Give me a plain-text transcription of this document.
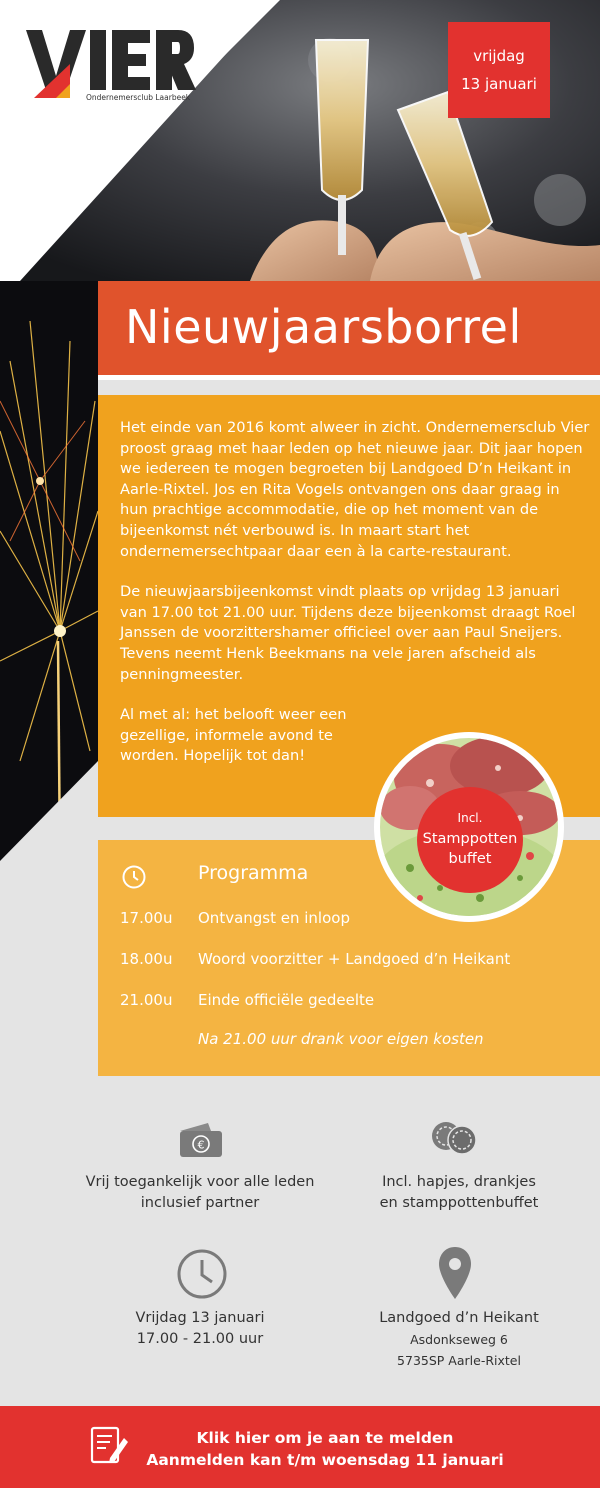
Ondernemersclub Laarbeek
vrijdag
13 januari
Nieuwjaarsborrel

Het einde van 2016 komt alweer in zicht. Ondernemersclub Vier proost graag met haar leden op het nieuwe jaar. Dit jaar hopen we iedereen te mogen begroeten bij Landgoed D’n Heikant in Aarle-Rixtel. Jos en Rita Vogels ontvangen ons daar graag in hun prachtige accommodatie, die op het moment van de bijeenkomst nét verbouwd is. In maart start het ondernemersechtpaar daar een à la carte-restaurant.

De nieuwjaarsbijeenkomst vindt plaats op vrijdag 13 januari van 17.00 tot 21.00 uur. Tijdens deze bijeenkomst draagt Roel Janssen de voorzittershamer officieel over aan Paul Sneijers. Tevens neemt Henk Beekmans na vele jaren afscheid als penningmeester.

Al met al: het belooft weer een gezellige, informele avond te worden. Hopelijk tot dan!

Programma
17.00u Ontvangst en inloop
18.00u Woord voorzitter + Landgoed d’n Heikant
21.00u Einde officiële gedeelte
Na 21.00 uur drank voor eigen kosten
Incl.
Stamppotten
buffet
€
Vrij toegankelijk voor alle leden
inclusief partner
Incl. hapjes, drankjes
en stamppottenbuffet
Vrijdag 13 januari
17.00 - 21.00 uur
Landgoed d’n Heikant
Asdonkseweg 6
5735SP Aarle-Rixtel
Klik hier om je aan te melden
Aanmelden kan t/m woensdag 11 januari
